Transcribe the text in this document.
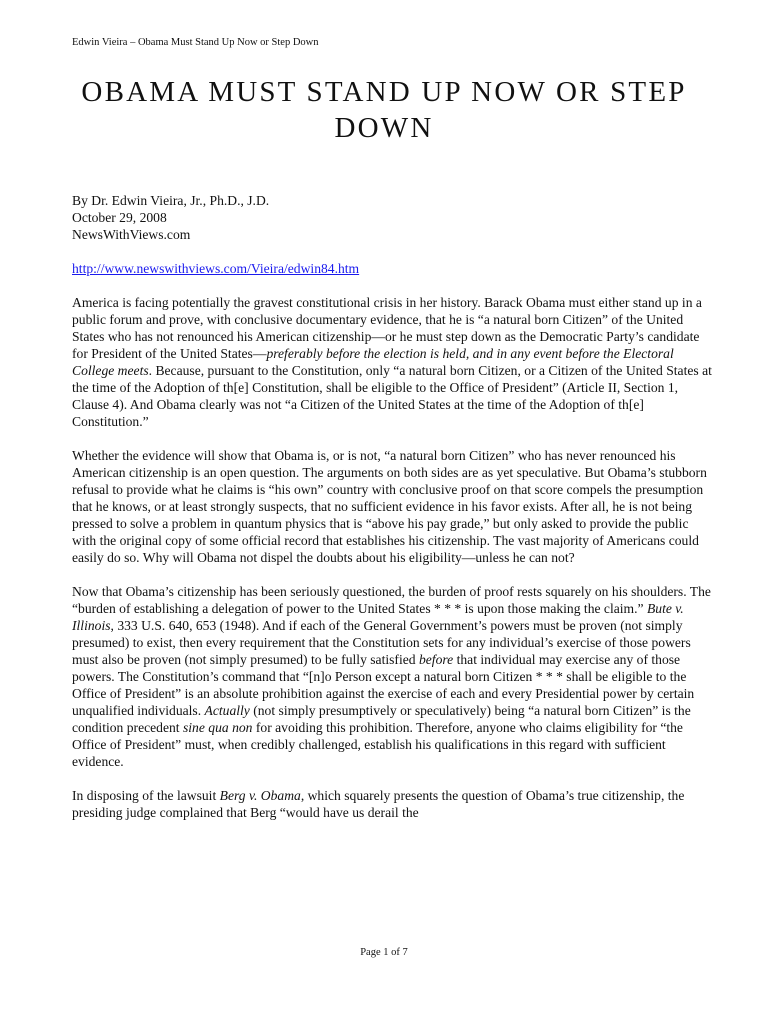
Edwin Vieira – Obama Must Stand Up Now or Step Down
OBAMA MUST STAND UP NOW OR STEP DOWN

By Dr. Edwin Vieira, Jr., Ph.D., J.D.

October 29, 2008

NewsWithViews.com

http://www.newswithviews.com/Vieira/edwin84.htm

America is facing potentially the gravest constitutional crisis in her history. Barack Obama must either stand up in a public forum and prove, with conclusive documentary evidence, that he is “a natural born Citizen” of the United States who has not renounced his American citizenship—or he must step down as the Democratic Party’s candidate for President of the United States—preferably before the election is held, and in any event before the Electoral College meets. Because, pursuant to the Constitution, only “a natural born Citizen, or a Citizen of the United States at the time of the Adoption of th[e] Constitution, shall be eligible to the Office of President” (Article II, Section 1, Clause 4). And Obama clearly was not “a Citizen of the United States at the time of the Adoption of th[e] Constitution.”

Whether the evidence will show that Obama is, or is not, “a natural born Citizen” who has never renounced his American citizenship is an open question. The arguments on both sides are as yet speculative. But Obama’s stubborn refusal to provide what he claims is “his own” country with conclusive proof on that score compels the presumption that he knows, or at least strongly suspects, that no sufficient evidence in his favor exists. After all, he is not being pressed to solve a problem in quantum physics that is “above his pay grade,” but only asked to provide the public with the original copy of some official record that establishes his citizenship. The vast majority of Americans could easily do so. Why will Obama not dispel the doubts about his eligibility—unless he can not?

Now that Obama’s citizenship has been seriously questioned, the burden of proof rests squarely on his shoulders. The “burden of establishing a delegation of power to the United States * * * is upon those making the claim.” Bute v. Illinois, 333 U.S. 640, 653 (1948). And if each of the General Government’s powers must be proven (not simply presumed) to exist, then every requirement that the Constitution sets for any individual’s exercise of those powers must also be proven (not simply presumed) to be fully satisfied before that individual may exercise any of those powers. The Constitution’s command that “[n]o Person except a natural born Citizen * * * shall be eligible to the Office of President” is an absolute prohibition against the exercise of each and every Presidential power by certain unqualified individuals. Actually (not simply presumptively or speculatively) being “a natural born Citizen” is the condition precedent sine qua non for avoiding this prohibition. Therefore, anyone who claims eligibility for “the Office of President” must, when credibly challenged, establish his qualifications in this regard with sufficient evidence.

In disposing of the lawsuit Berg v. Obama, which squarely presents the question of Obama’s true citizenship, the presiding judge complained that Berg “would have us derail the

Page 1 of 7
